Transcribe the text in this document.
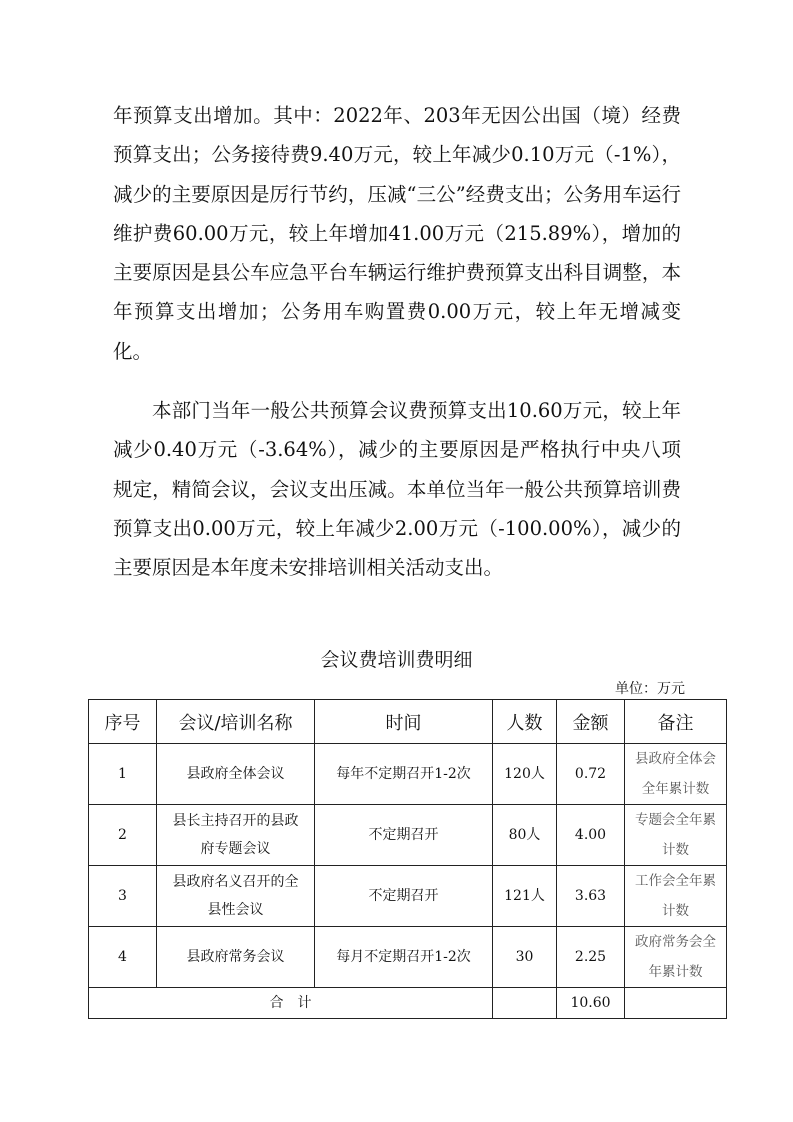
年预算支出增加。其中：2022年、203年无因公出国（境）经费预算支出；公务接待费9.40万元，较上年减少0.10万元（-1%），减少的主要原因是厉行节约，压减“三公”经费支出；公务用车运行维护费60.00万元，较上年增加41.00万元（215.89%），增加的主要原因是县公车应急平台车辆运行维护费预算支出科目调整，本年预算支出增加；公务用车购置费0.00万元，较上年无增减变化。

本部门当年一般公共预算会议费预算支出10.60万元，较上年减少0.40万元（-3.64%），减少的主要原因是严格执行中央八项规定，精简会议，会议支出压减。本单位当年一般公共预算培训费预算支出0.00万元，较上年减少2.00万元（-100.00%），减少的主要原因是本年度未安排培训相关活动支出。

会议费培训费明细

单位：万元

序号	会议/培训名称	时间	人数	金额	备注
1	县政府全体会议	每年不定期召开1-2次	120人	0.72	县政府全体会全年累计数
2	县长主持召开的县政府专题会议	不定期召开	80人	4.00	专题会全年累计数
3	县政府名义召开的全县性会议	不定期召开	121人	3.63	工作会全年累计数
4	县政府常务会议	每月不定期召开1-2次	30	2.25	政府常务会全年累计数
合　计				10.60	
